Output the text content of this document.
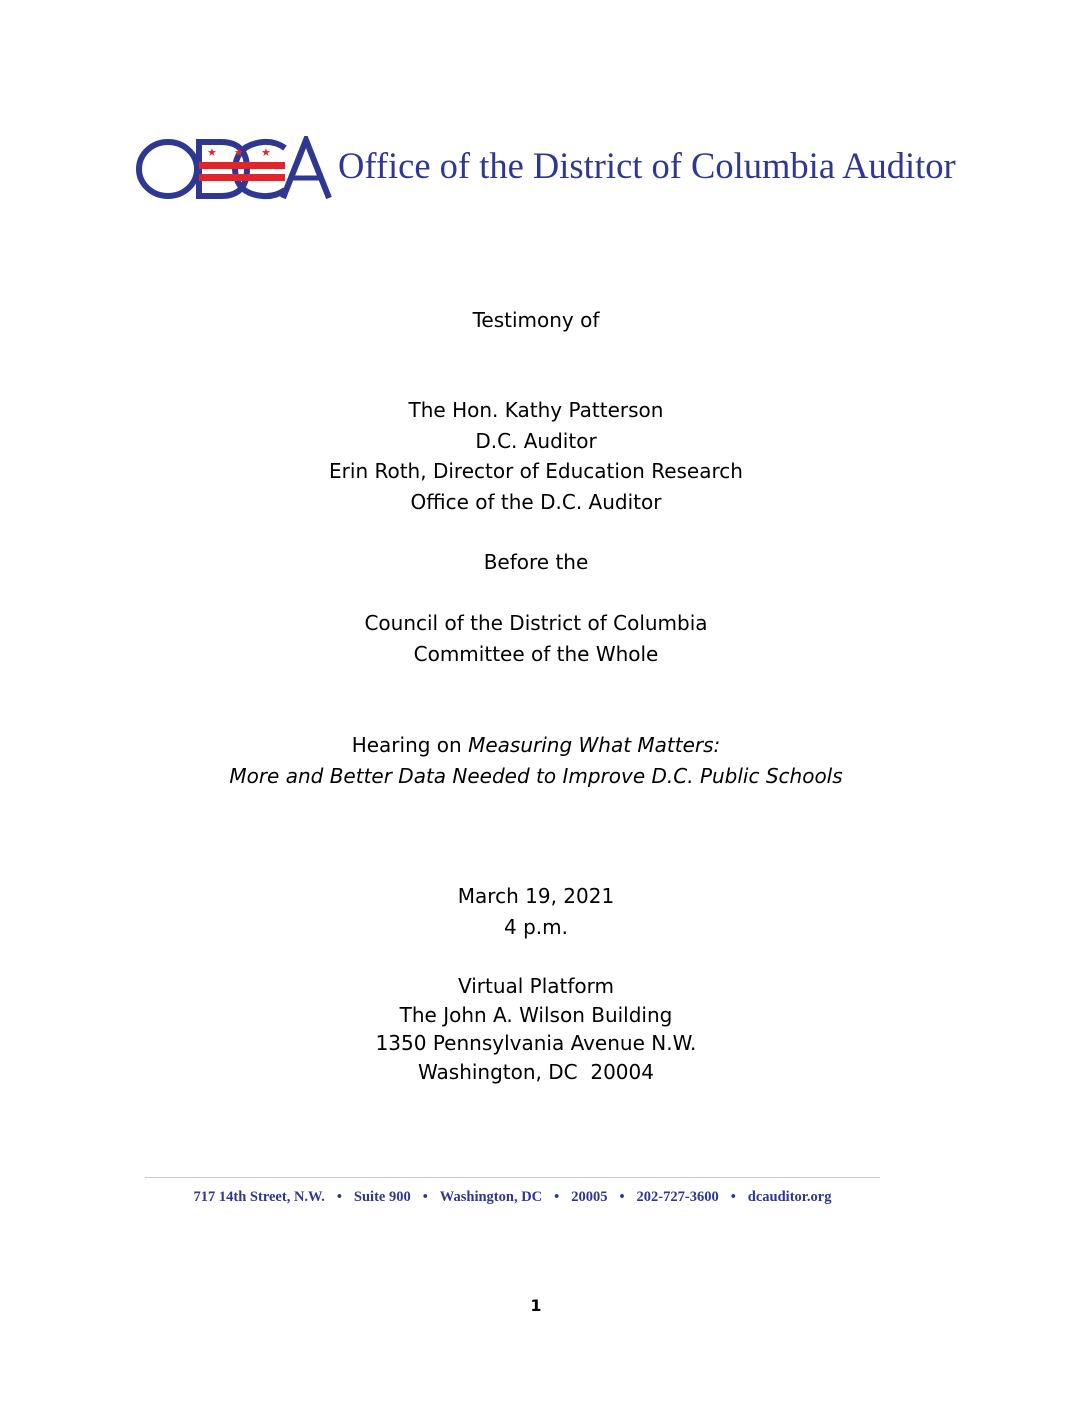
★ ★ ★ Office of the District of Columbia Auditor
Testimony of
The Hon. Kathy Patterson
D.C. Auditor
Erin Roth, Director of Education Research
Office of the D.C. Auditor
Before the
Council of the District of Columbia
Committee of the Whole
Hearing on Measuring What Matters:
More and Better Data Needed to Improve D.C. Public Schools
March 19, 2021
4 p.m.
Virtual Platform
The John A. Wilson Building
1350 Pennsylvania Avenue N.W.
Washington, DC  20004
717 14th Street, N.W. • Suite 900 • Washington, DC • 20005 • 202-727-3600 • dcauditor.org
1
